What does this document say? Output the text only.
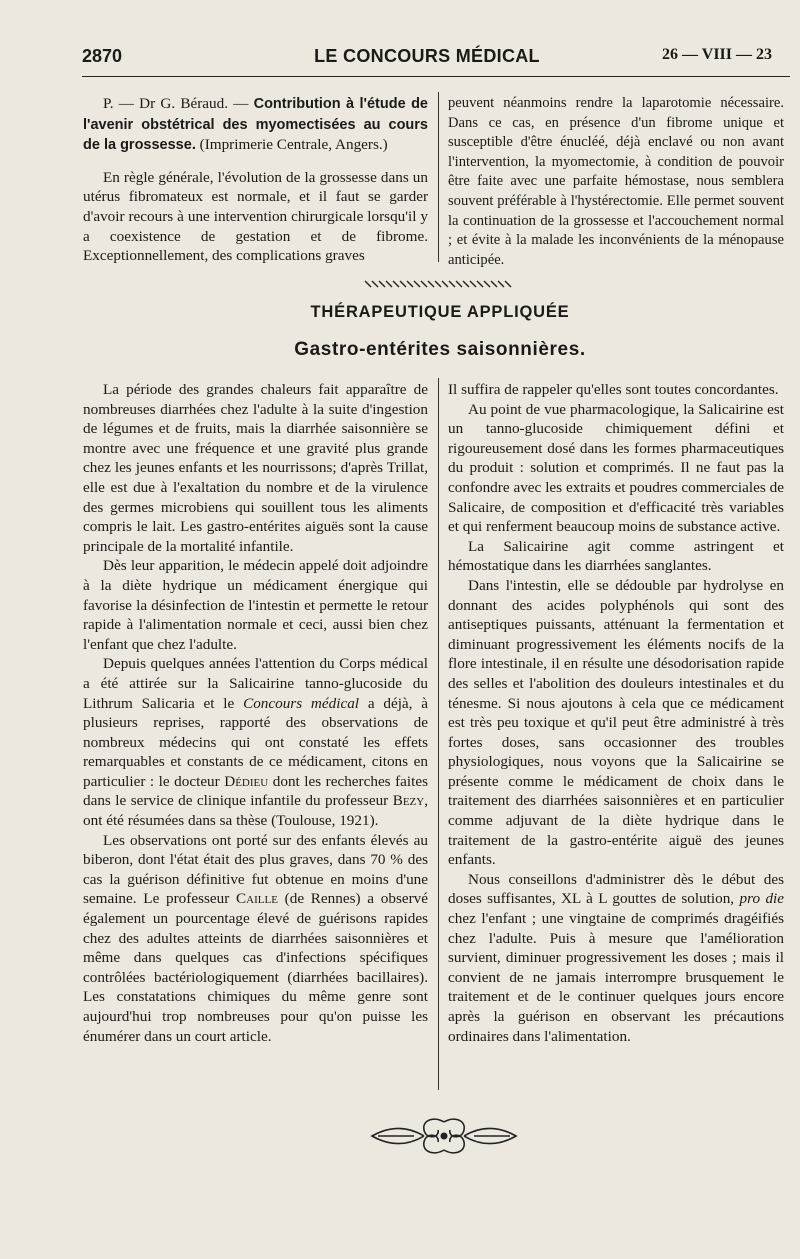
2870	LE CONCOURS MÉDICAL	26 — VIII — 23

P. — Dr G. Béraud. — Contribution à l'étude de l'avenir obstétrical des myomectisées au cours de la grossesse. (Imprimerie Centrale, Angers.)

En règle générale, l'évolution de la grossesse dans un utérus fibromateux est normale, et il faut se garder d'avoir recours à une intervention chirurgicale lorsqu'il y a coexistence de gestation et de fibrome. Exceptionnellement, des complications graves

peuvent néanmoins rendre la laparotomie nécessaire. Dans ce cas, en présence d'un fibrome unique et susceptible d'être énucléé, déjà enclavé ou non avant l'intervention, la myomectomie, à condition de pouvoir être faite avec une parfaite hémostase, nous semblera souvent préférable à l'hystérectomie. Elle permet souvent la continuation de la grossesse et l'accouchement normal ; et évite à la malade les inconvénients de la ménopause anticipée.

THÉRAPEUTIQUE APPLIQUÉE
Gastro-entérites saisonnières.

La période des grandes chaleurs fait apparaître de nombreuses diarrhées chez l'adulte à la suite d'ingestion de légumes et de fruits, mais la diarrhée saisonnière se montre avec une fréquence et une gravité plus grande chez les jeunes enfants et les nourrissons; d'après Trillat, elle est due à l'exaltation du nombre et de la virulence des germes microbiens qui souillent tous les aliments compris le lait. Les gastro-entérites aiguës sont la cause principale de la mortalité infantile.

Dès leur apparition, le médecin appelé doit adjoindre à la diète hydrique un médicament énergique qui favorise la désinfection de l'intestin et permette le retour rapide à l'alimentation normale et ceci, aussi bien chez l'enfant que chez l'adulte.

Depuis quelques années l'attention du Corps médical a été attirée sur la Salicairine tanno-glucoside du Lithrum Salicaria et le Concours médical a déjà, à plusieurs reprises, rapporté des observations de nombreux médecins qui ont constaté les effets remarquables et constants de ce médicament, citons en particulier : le docteur Dédieu dont les recherches faites dans le service de clinique infantile du professeur Bezy, ont été résumées dans sa thèse (Toulouse, 1921).

Les observations ont porté sur des enfants élevés au biberon, dont l'état était des plus graves, dans 70 % des cas la guérison définitive fut obtenue en moins d'une semaine. Le professeur Caille (de Rennes) a observé également un pourcentage élevé de guérisons rapides chez des adultes atteints de diarrhées saisonnières et même dans quelques cas d'infections spécifiques contrôlées bactériologiquement (diarrhées bacillaires). Les constatations chimiques du même genre sont aujourd'hui trop nombreuses pour qu'on puisse les énumérer dans un court article.

Il suffira de rappeler qu'elles sont toutes concordantes.

Au point de vue pharmacologique, la Salicairine est un tanno-glucoside chimiquement défini et rigoureusement dosé dans les formes pharmaceutiques du produit : solution et comprimés. Il ne faut pas la confondre avec les extraits et poudres commerciales de Salicaire, de composition et d'efficacité très variables et qui renferment beaucoup moins de substance active.

La Salicairine agit comme astringent et hémostatique dans les diarrhées sanglantes.

Dans l'intestin, elle se dédouble par hydrolyse en donnant des acides polyphénols qui sont des antiseptiques puissants, atténuant la fermentation et diminuant progressivement les éléments nocifs de la flore intestinale, il en résulte une désodorisation rapide des selles et l'abolition des douleurs intestinales et du ténesme. Si nous ajoutons à cela que ce médicament est très peu toxique et qu'il peut être administré à très fortes doses, sans occasionner des troubles physiologiques, nous voyons que la Salicairine se présente comme le médicament de choix dans le traitement des diarrhées saisonnières et en particulier comme adjuvant de la diète hydrique dans le traitement de la gastro-entérite aiguë des jeunes enfants.

Nous conseillons d'administrer dès le début des doses suffisantes, XL à L gouttes de solution, pro die chez l'enfant ; une vingtaine de comprimés dragéifiés chez l'adulte. Puis à mesure que l'amélioration survient, diminuer progressivement les doses ; mais il convient de ne jamais interrompre brusquement le traitement et de le continuer quelques jours encore après la guérison en observant les précautions ordinaires dans l'alimentation.
